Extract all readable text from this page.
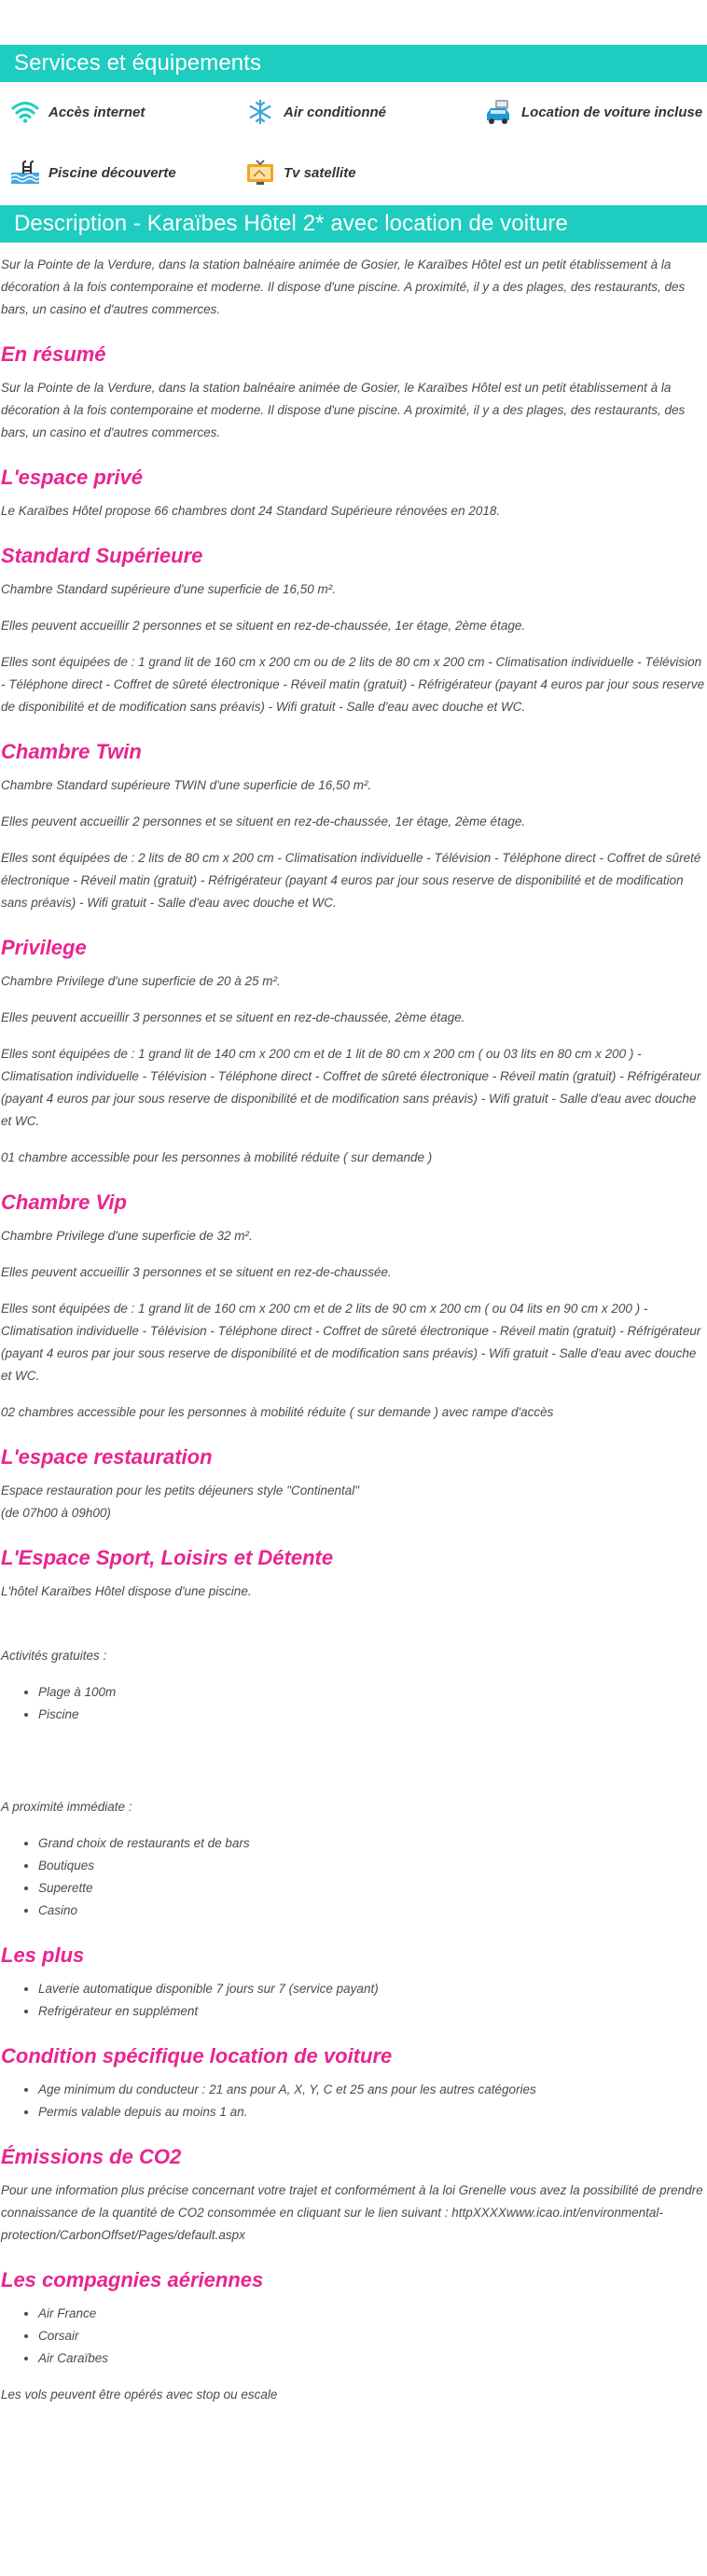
Services et équipements
Accès internet	Air conditionné	Location de voiture incluse
Piscine découverte	Tv satellite
Description - Karaïbes Hôtel 2* avec location de voiture

Sur la Pointe de la Verdure, dans la station balnéaire animée de Gosier, le Karaïbes Hôtel est un petit établissement à la décoration à la fois contemporaine et moderne. Il dispose d'une piscine. A proximité, il y a des plages, des restaurants, des bars, un casino et d'autres commerces.

En résumé

Sur la Pointe de la Verdure, dans la station balnéaire animée de Gosier, le Karaïbes Hôtel est un petit établissement à la décoration à la fois contemporaine et moderne. Il dispose d'une piscine. A proximité, il y a des plages, des restaurants, des bars, un casino et d'autres commerces.

L'espace privé

Le Karaïbes Hôtel propose 66 chambres dont 24 Standard Supérieure rénovées en 2018.

Standard Supérieure

Chambre Standard supérieure d'une superficie de 16,50 m².

Elles peuvent accueillir 2 personnes et se situent en rez-de-chaussée, 1er étage, 2ème étage.

Elles sont équipées de : 1 grand lit de 160 cm x 200 cm ou de 2 lits de 80 cm x 200 cm - Climatisation individuelle - Télévision - Téléphone direct - Coffret de sûreté électronique - Réveil matin (gratuit) - Réfrigérateur (payant 4 euros par jour sous reserve de disponibilité et de modification sans préavis) - Wifi gratuit - Salle d'eau avec douche et WC.

Chambre Twin

Chambre Standard supérieure TWIN d'une superficie de 16,50 m².

Elles peuvent accueillir 2 personnes et se situent en rez-de-chaussée, 1er étage, 2ème étage.

Elles sont équipées de : 2 lits de 80 cm x 200 cm - Climatisation individuelle - Télévision - Téléphone direct - Coffret de sûreté électronique - Réveil matin (gratuit) - Réfrigérateur (payant 4 euros par jour sous reserve de disponibilité et de modification sans préavis) - Wifi gratuit - Salle d'eau avec douche et WC.

Privilege

Chambre Privilege d'une superficie de 20 à 25 m².

Elles peuvent accueillir 3 personnes et se situent en rez-de-chaussée, 2ème étage.

Elles sont équipées de : 1 grand lit de 140 cm x 200 cm et de 1 lit de 80 cm x 200 cm ( ou 03 lits en 80 cm x 200 ) - Climatisation individuelle - Télévision - Téléphone direct - Coffret de sûreté électronique - Réveil matin (gratuit) - Réfrigérateur (payant 4 euros par jour sous reserve de disponibilité et de modification sans préavis) - Wifi gratuit - Salle d'eau avec douche et WC.

01 chambre accessible pour les personnes à mobilité réduite ( sur demande )

Chambre Vip

Chambre Privilege d'une superficie de 32 m².

Elles peuvent accueillir 3 personnes et se situent en rez-de-chaussée.

Elles sont équipées de : 1 grand lit de 160 cm x 200 cm et de 2 lits de 90 cm x 200 cm ( ou 04 lits en 90 cm x 200 ) - Climatisation individuelle - Télévision - Téléphone direct - Coffret de sûreté électronique - Réveil matin (gratuit) - Réfrigérateur (payant 4 euros par jour sous reserve de disponibilité et de modification sans préavis) - Wifi gratuit - Salle d'eau avec douche et WC.

02 chambres accessible pour les personnes à mobilité réduite ( sur demande ) avec rampe d'accès

L'espace restauration

Espace restauration pour les petits déjeuners style "Continental"
(de 07h00 à 09h00)

L'Espace Sport, Loisirs et Détente

L'hôtel Karaïbes Hôtel dispose d'une piscine.

Activités gratuites :

• Plage à 100m
• Piscine

A proximité immédiate :

• Grand choix de restaurants et de bars
• Boutiques
• Superette
• Casino
Les plus
• Laverie automatique disponible 7 jours sur 7 (service payant)
• Refrigérateur en supplément
Condition spécifique location de voiture
• Age minimum du conducteur : 21 ans pour A, X, Y, C et 25 ans pour les autres catégories
• Permis valable depuis au moins 1 an.
Émissions de CO2

Pour une information plus précise concernant votre trajet et conformément à la loi Grenelle vous avez la possibilité de prendre connaissance de la quantité de CO2 consommée en cliquant sur le lien suivant : httpXXXXwww.icao.int/environmental-protection/CarbonOffset/Pages/default.aspx

Les compagnies aériennes
• Air France
• Corsair
• Air Caraïbes

Les vols peuvent être opérés avec stop ou escale
